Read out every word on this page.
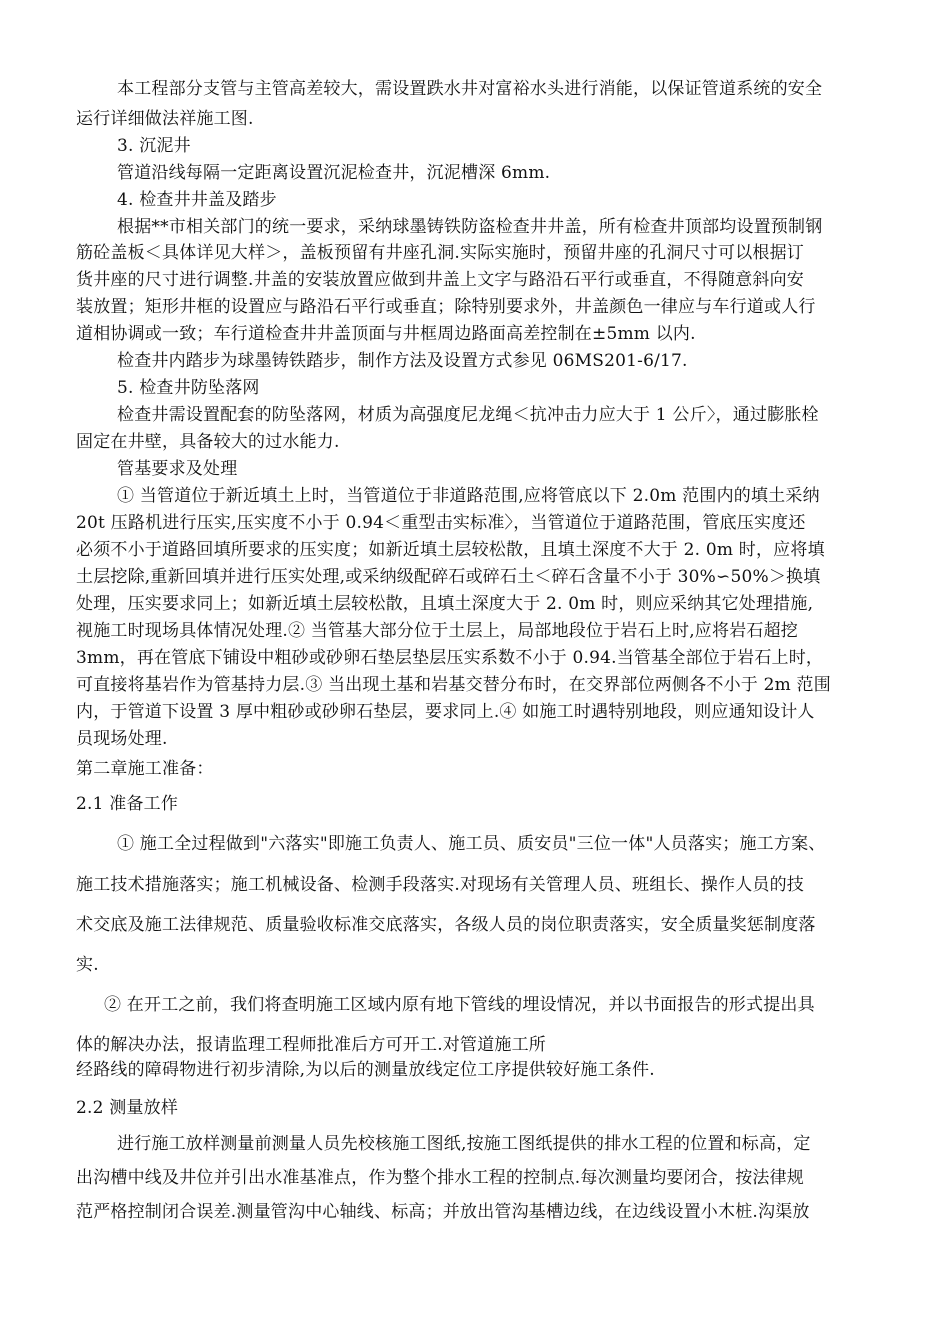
本工程部分支管与主管高差较大，需设置跌水井对富裕水头进行消能，以保证管道系统的安全
运行详细做法祥施工图.
3. 沉泥井
管道沿线每隔一定距离设置沉泥检查井，沉泥槽深 6mm.
4. 检查井井盖及踏步
根据**市相关部门的统一要求，采纳球墨铸铁防盗检查井井盖，所有检查井顶部均设置预制钢
筋砼盖板＜具体详见大样＞，盖板预留有井座孔洞.实际实施时，预留井座的孔洞尺寸可以根据订
货井座的尺寸进行调整.井盖的安装放置应做到井盖上文字与路沿石平行或垂直，不得随意斜向安
装放置；矩形井框的设置应与路沿石平行或垂直；除特别要求外，井盖颜色一律应与车行道或人行
道相协调或一致；车行道检查井井盖顶面与井框周边路面高差控制在±5mm 以内.
检查井内踏步为球墨铸铁踏步，制作方法及设置方式参见 06MS201-6/17.
5. 检查井防坠落网
检查井需设置配套的防坠落网，材质为高强度尼龙绳＜抗冲击力应大于 1 公斤〉，通过膨胀栓
固定在井壁，具备较大的过水能力.
管基要求及处理
① 当管道位于新近填土上时，当管道位于非道路范围,应将管底以下 2.0m 范围内的填土采纳
20t 压路机进行压实,压实度不小于 0.94＜重型击实标准〉，当管道位于道路范围，管底压实度还
必须不小于道路回填所要求的压实度；如新近填土层较松散，且填土深度不大于 2. 0m 时，应将填
土层挖除,重新回填并进行压实处理,或采纳级配碎石或碎石土＜碎石含量不小于 30%∽50%＞换填
处理，压实要求同上；如新近填土层较松散，且填土深度大于 2. 0m 时，则应采纳其它处理措施,
视施工时现场具体情况处理.② 当管基大部分位于土层上，局部地段位于岩石上时,应将岩石超挖
3mm，再在管底下铺设中粗砂或砂卵石垫层垫层压实系数不小于 0.94.当管基全部位于岩石上时，
可直接将基岩作为管基持力层.③ 当出现土基和岩基交替分布时，在交界部位两侧各不小于 2m 范围
内，于管道下设置 3 厚中粗砂或砂卵石垫层，要求同上.④ 如施工时遇特别地段，则应通知设计人
员现场处理.
第二章施工准备：
2.1 准备工作
① 施工全过程做到"六落实"即施工负责人、施工员、质安员"三位一体"人员落实；施工方案、
施工技术措施落实；施工机械设备、检测手段落实.对现场有关管理人员、班组长、操作人员的技
术交底及施工法律规范、质量验收标准交底落实，各级人员的岗位职责落实，安全质量奖惩制度落
实.
② 在开工之前，我们将查明施工区域内原有地下管线的埋设情况，并以书面报告的形式提出具
体的解决办法，报请监理工程师批准后方可开工.对管道施工所
经路线的障碍物进行初步清除,为以后的测量放线定位工序提供较好施工条件.
2.2 测量放样
进行施工放样测量前测量人员先校核施工图纸,按施工图纸提供的排水工程的位置和标高，定
出沟槽中线及井位并引出水准基准点，作为整个排水工程的控制点.每次测量均要闭合，按法律规
范严格控制闭合误差.测量管沟中心轴线、标高；并放出管沟基槽边线，在边线设置小木桩.沟渠放
